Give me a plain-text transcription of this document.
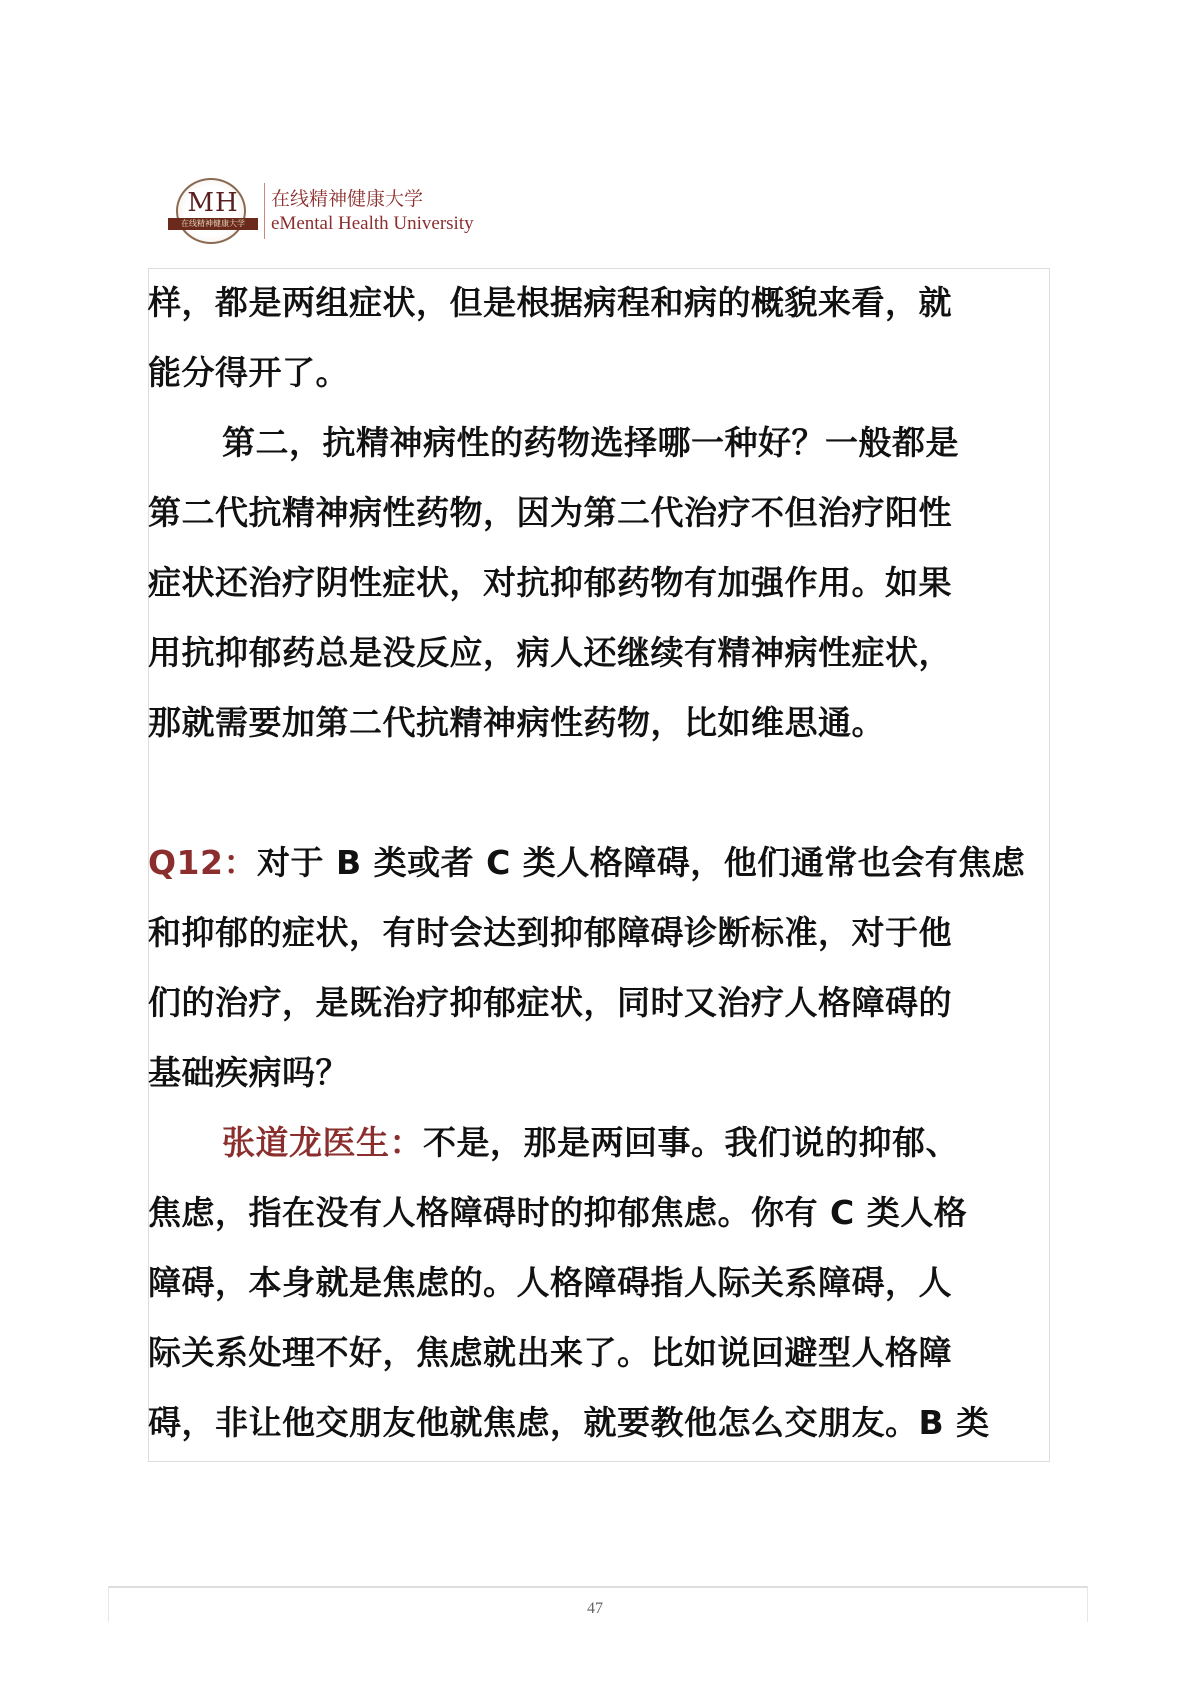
MH
在线精神健康大学
在线精神健康大学
eMental Health University

样，都是两组症状，但是根据病程和病的概貌来看，就

能分得开了。

第二，抗精神病性的药物选择哪一种好？一般都是

第二代抗精神病性药物，因为第二代治疗不但治疗阳性

症状还治疗阴性症状，对抗抑郁药物有加强作用。如果

用抗抑郁药总是没反应，病人还继续有精神病性症状，

那就需要加第二代抗精神病性药物，比如维思通。

Q12：对于 B 类或者 C 类人格障碍，他们通常也会有焦虑

和抑郁的症状，有时会达到抑郁障碍诊断标准，对于他

们的治疗，是既治疗抑郁症状，同时又治疗人格障碍的

基础疾病吗？

张道龙医生：不是，那是两回事。我们说的抑郁、

焦虑，指在没有人格障碍时的抑郁焦虑。你有 C 类人格

障碍，本身就是焦虑的。人格障碍指人际关系障碍，人

际关系处理不好，焦虑就出来了。比如说回避型人格障

碍，非让他交朋友他就焦虑，就要教他怎么交朋友。B 类

47
